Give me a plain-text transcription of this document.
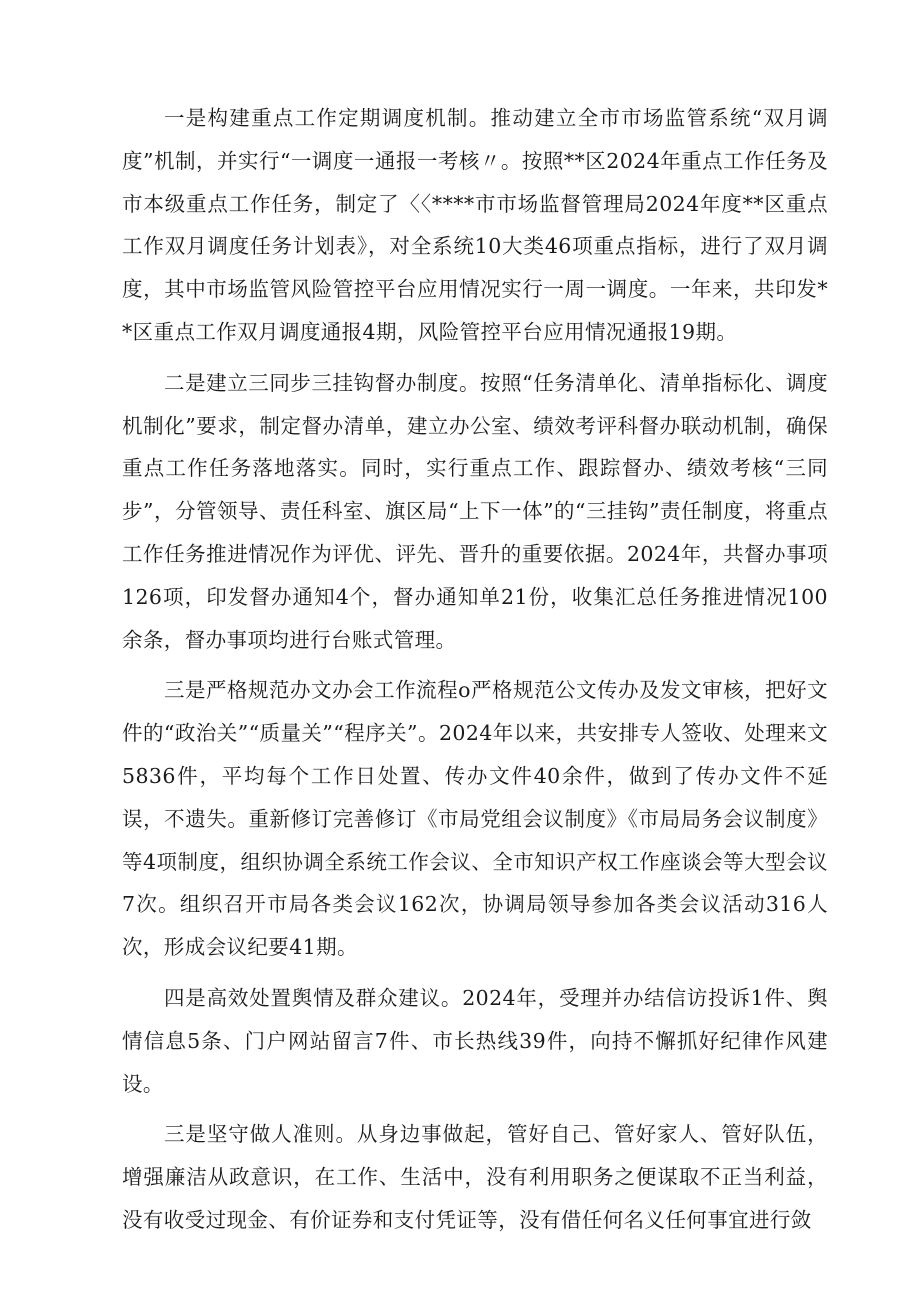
一是构建重点工作定期调度机制。推动建立全市市场监管系统“双月调度”机制，并实行“一调度一通报一考核〃。按照**区2024年重点工作任务及市本级重点工作任务，制定了〈〈****市市场监督管理局2024年度**区重点工作双月调度任务计划表》，对全系统10大类46项重点指标，进行了双月调度，其中市场监管风险管控平台应用情况实行一周一调度。一年来，共印发**区重点工作双月调度通报4期，风险管控平台应用情况通报19期。

二是建立三同步三挂钩督办制度。按照“任务清单化、清单指标化、调度机制化”要求，制定督办清单，建立办公室、绩效考评科督办联动机制，确保重点工作任务落地落实。同时，实行重点工作、跟踪督办、绩效考核“三同步”，分管领导、责任科室、旗区局“上下一体”的“三挂钩”责任制度，将重点工作任务推进情况作为评优、评先、晋升的重要依据。2024年，共督办事项126项，印发督办通知4个，督办通知单21份，收集汇总任务推进情况100余条，督办事项均进行台账式管理。

三是严格规范办文办会工作流程o严格规范公文传办及发文审核，把好文件的“政治关”“质量关”“程序关”。2024年以来，共安排专人签收、处理来文5836件，平均每个工作日处置、传办文件40余件，做到了传办文件不延误，不遗失。重新修订完善修订《市局党组会议制度》《市局局务会议制度》等4项制度，组织协调全系统工作会议、全市知识产权工作座谈会等大型会议7次。组织召开市局各类会议162次，协调局领导参加各类会议活动316人次，形成会议纪要41期。

四是高效处置舆情及群众建议。2024年，受理并办结信访投诉1件、舆情信息5条、门户网站留言7件、市长热线39件，向持不懈抓好纪律作风建设。

三是坚守做人准则。从身边事做起，管好自己、管好家人、管好队伍，增强廉洁从政意识，在工作、生活中，没有利用职务之便谋取不正当利益，没有收受过现金、有价证券和支付凭证等，没有借任何名义任何事宜进行敛
